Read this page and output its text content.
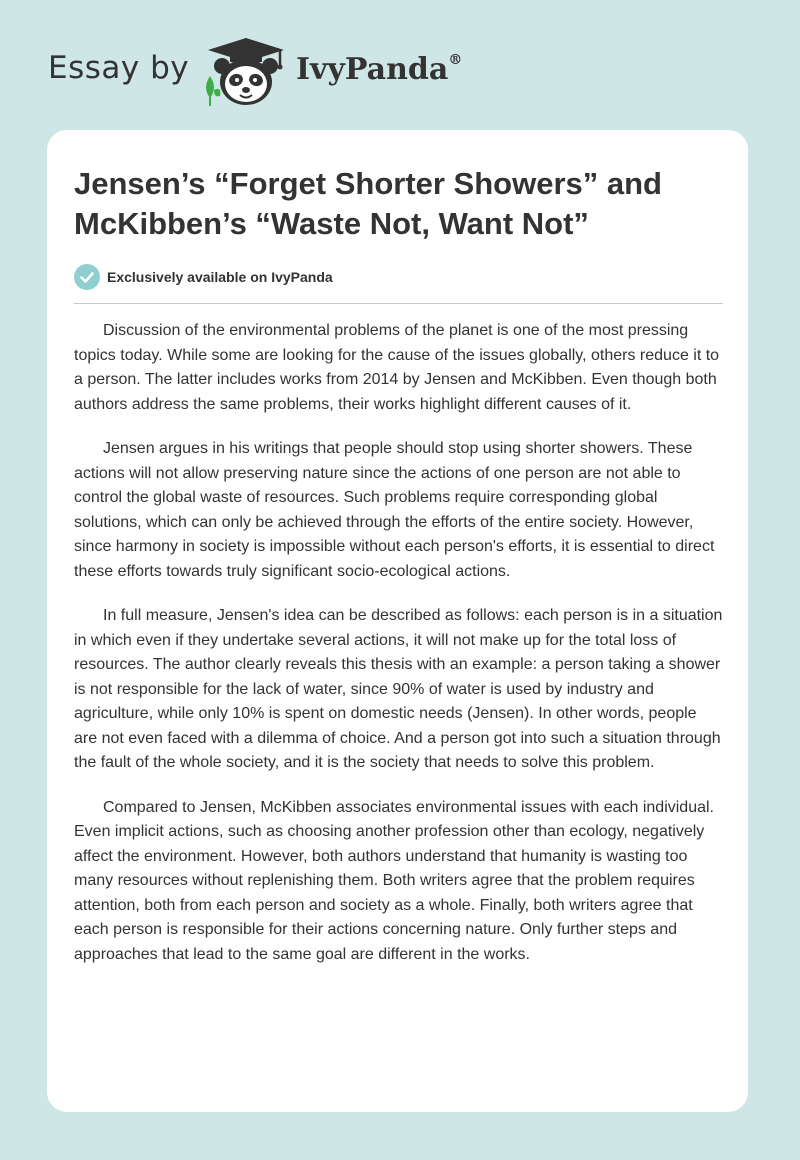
Essay by	IvyPanda®
Jensen’s “Forget Shorter Showers” and McKibben’s “Waste Not, Want Not”
Exclusively available on IvyPanda

Discussion of the environmental problems of the planet is one of the most pressing topics today. While some are looking for the cause of the issues globally, others reduce it to a person. The latter includes works from 2014 by Jensen and McKibben. Even though both authors address the same problems, their works highlight different causes of it.

Jensen argues in his writings that people should stop using shorter showers. These actions will not allow preserving nature since the actions of one person are not able to control the global waste of resources. Such problems require corresponding global solutions, which can only be achieved through the efforts of the entire society. However, since harmony in society is impossible without each person's efforts, it is essential to direct these efforts towards truly significant socio-ecological actions.

In full measure, Jensen's idea can be described as follows: each person is in a situation in which even if they undertake several actions, it will not make up for the total loss of resources. The author clearly reveals this thesis with an example: a person taking a shower is not responsible for the lack of water, since 90% of water is used by industry and agriculture, while only 10% is spent on domestic needs (Jensen). In other words, people are not even faced with a dilemma of choice. And a person got into such a situation through the fault of the whole society, and it is the society that needs to solve this problem.

Compared to Jensen, McKibben associates environmental issues with each individual. Even implicit actions, such as choosing another profession other than ecology, negatively affect the environment. However, both authors understand that humanity is wasting too many resources without replenishing them. Both writers agree that the problem requires attention, both from each person and society as a whole. Finally, both writers agree that each person is responsible for their actions concerning nature. Only further steps and approaches that lead to the same goal are different in the works.
